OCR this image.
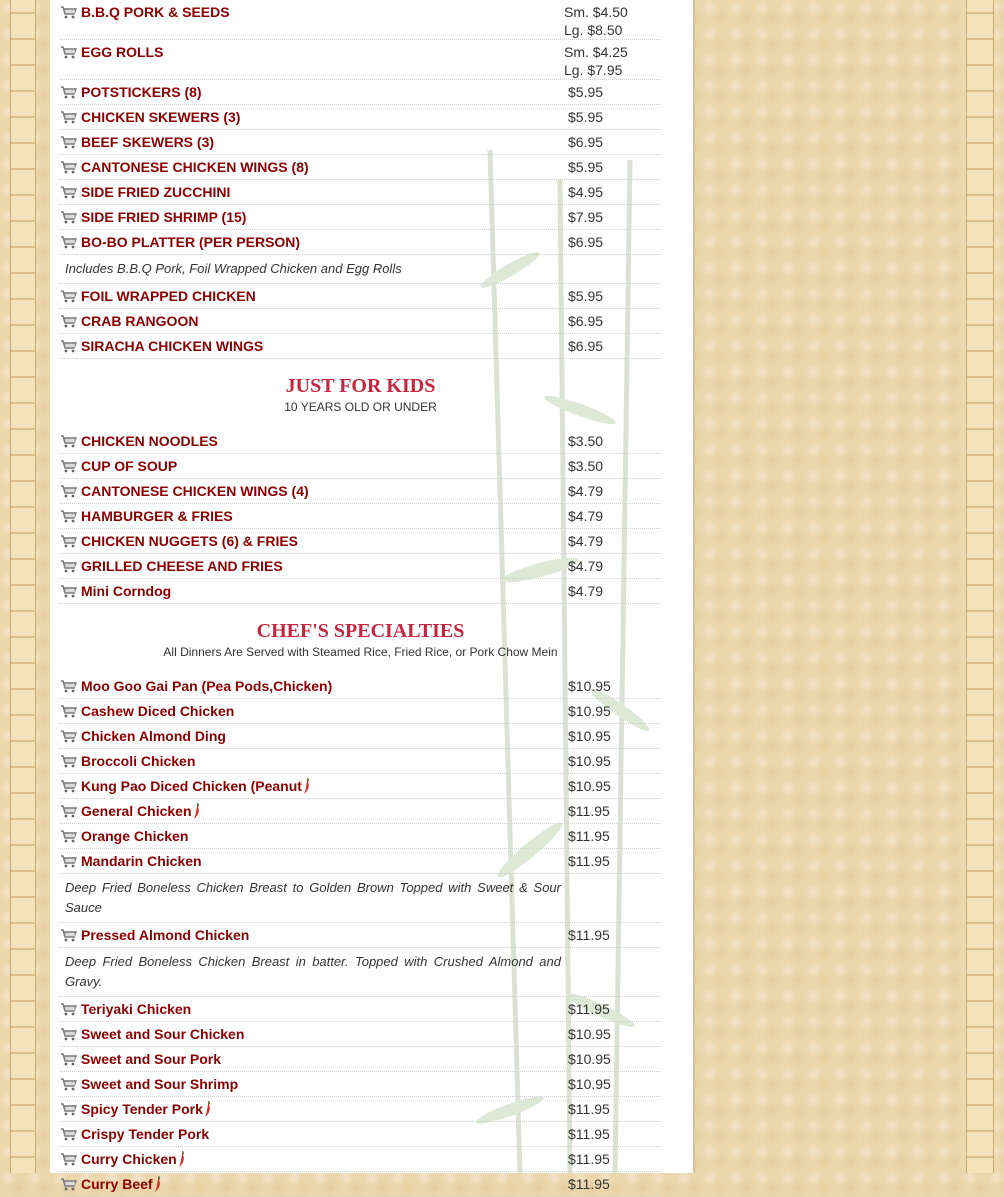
B.B.Q PORK & SEEDS	Sm. $4.50
Lg. $8.50
EGG ROLLS	Sm. $4.25
Lg. $7.95
POTSTICKERS (8)	$5.95
CHICKEN SKEWERS (3)	$5.95
BEEF SKEWERS (3)	$6.95
CANTONESE CHICKEN WINGS (8)	$5.95
SIDE FRIED ZUCCHINI	$4.95
SIDE FRIED SHRIMP (15)	$7.95
BO-BO PLATTER (PER PERSON)	$6.95
Includes B.B.Q Pork, Foil Wrapped Chicken and Egg Rolls
FOIL WRAPPED CHICKEN	$5.95
CRAB RANGOON	$6.95
SIRACHA CHICKEN WINGS	$6.95
JUST FOR KIDS
10 YEARS OLD OR UNDER
CHICKEN NOODLES	$3.50
CUP OF SOUP	$3.50
CANTONESE CHICKEN WINGS (4)	$4.79
HAMBURGER & FRIES	$4.79
CHICKEN NUGGETS (6) & FRIES	$4.79
GRILLED CHEESE AND FRIES	$4.79
Mini Corndog	$4.79
CHEF'S SPECIALTIES
All Dinners Are Served with Steamed Rice, Fried Rice, or Pork Chow Mein
Moo Goo Gai Pan (Pea Pods,Chicken)	$10.95
Cashew Diced Chicken	$10.95
Chicken Almond Ding	$10.95
Broccoli Chicken	$10.95
Kung Pao Diced Chicken (Peanut	$10.95
General Chicken	$11.95
Orange Chicken	$11.95
Mandarin Chicken	$11.95
Deep Fried Boneless Chicken Breast to Golden Brown Topped with Sweet & Sour Sauce
Pressed Almond Chicken	$11.95
Deep Fried Boneless Chicken Breast in batter. Topped with Crushed Almond and Gravy.
Teriyaki Chicken	$11.95
Sweet and Sour Chicken	$10.95
Sweet and Sour Pork	$10.95
Sweet and Sour Shrimp	$10.95
Spicy Tender Pork	$11.95
Crispy Tender Pork	$11.95
Curry Chicken	$11.95
Curry Beef	$11.95
